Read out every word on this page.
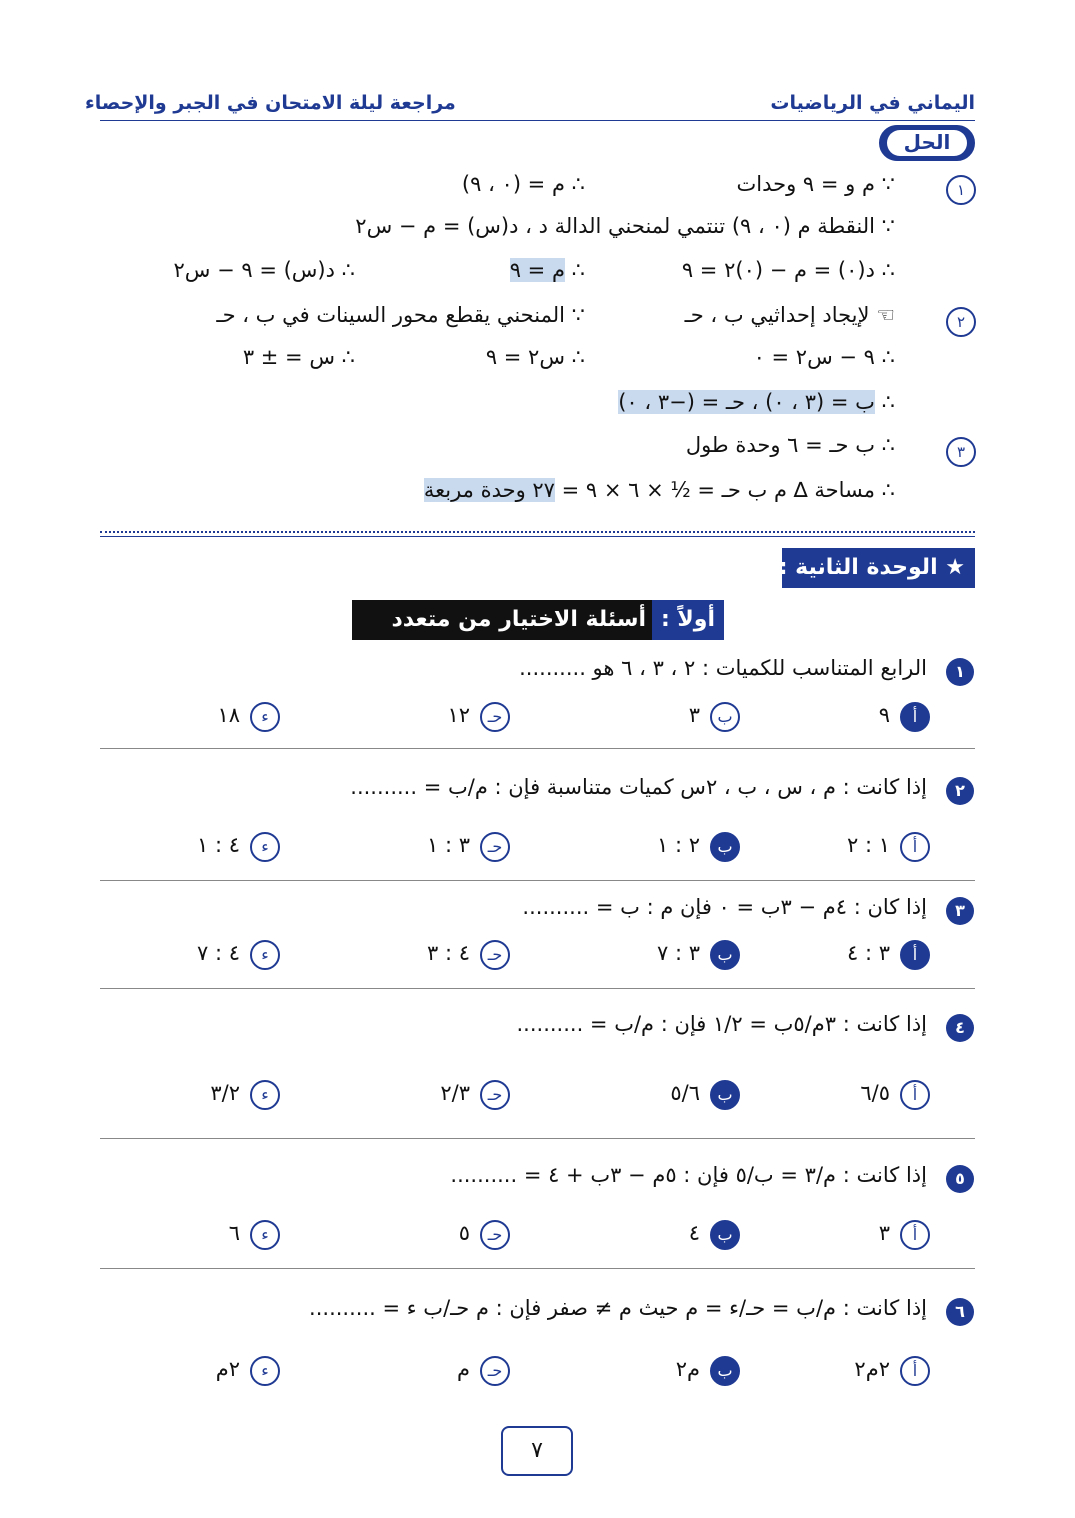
اليماني في الرياضيات
مراجعة ليلة الامتحان في الجبر والإحصاء
الحل
١
∵ ﻡ و = ٩ وحدات
∴ ﻡ = (٠ ، ٩)
∵ النقطة ﻡ (٠ ، ٩) تنتمي لمنحني الدالة د ، د(س) = م − س٢
∴ د(٠) = م − (٠)٢ = ٩
∴ م = ٩
∴ د(س) = ٩ − س٢
٢
☜ لإيجاد إحداثيي ب ، حـ
∵ المنحني يقطع محور السينات في ب ، حـ
∴ ٩ − س٢ = ٠
∴ س٢ = ٩
∴ س = ± ٣
∴ ب = (٣ ، ٠) ، حـ = (−٣ ، ٠)
٣
∴ ب حـ = ٦ وحدة طول
∴ مساحة ∆ ﻡ ب حـ = ½ × ٦ × ٩ = ٢٧ وحدة مربعة
★ الوحدة الثانية :
أولاً :
أسئلة الاختيار من متعدد
١
الرابع المتناسب للكميات : ٢ ، ٣ ، ٦ هو ..........
أ
٩
ب
٣
حـ
١٢
ء
١٨
٢
إذا كانت : ﻡ ، س ، ب ، ٢س كميات متناسبة فإن : ﻡ/ب = ..........
أ
١ : ٢
ب
٢ : ١
حـ
٣ : ١
ء
٤ : ١
٣
إذا كان : ٤ﻡ − ٣ب = ٠ فإن ﻡ : ب = ..........
أ
٣ : ٤
ب
٣ : ٧
حـ
٤ : ٣
ء
٤ : ٧
٤
إذا كانت : ٣ﻡ/٥ب = ١/٢ فإن : ﻡ/ب = ..........
أ
٦/٥
ب
٥/٦
حـ
٢/٣
ء
٣/٢
٥
إذا كانت : ﻡ/٣ = ب/٥ فإن : ٥ﻡ − ٣ب + ٤ = ..........
أ
٣
ب
٤
حـ
٥
ء
٦
٦
إذا كانت : ﻡ/ب = حـ/ء = م حيث م ≠ صفر فإن : ﻡ حـ/ب ء = ..........
أ
٢م٢
ب
م٢
حـ
م
ء
٢م
٧
